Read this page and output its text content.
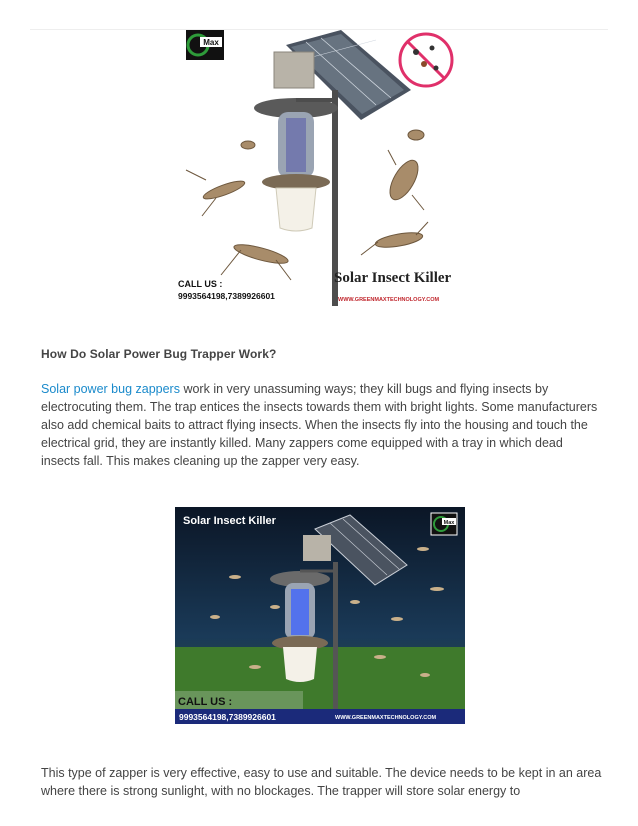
Max
CALL US :
9993564198,7389926601
Solar Insect Killer
WWW.GREENMAXTECHNOLOGY.COM
How Do Solar Power Bug Trapper Work?
Solar power bug zappers work in very unassuming ways; they kill bugs and flying insects by electrocuting them. The trap entices the insects towards them with bright lights. Some manufacturers also add chemical baits to attract flying insects. When the insects fly into the housing and touch the electrical grid, they are instantly killed. Many zappers come equipped with a tray in which dead insects fall. This makes cleaning up the zapper very easy.
Solar Insect Killer	Max
CALL US :
9993564198,7389926601	WWW.GREENMAXTECHNOLOGY.COM
This type of zapper is very effective, easy to use and suitable. The device needs to be kept in an area where there is strong sunlight, with no blockages. The trapper will store solar energy to
